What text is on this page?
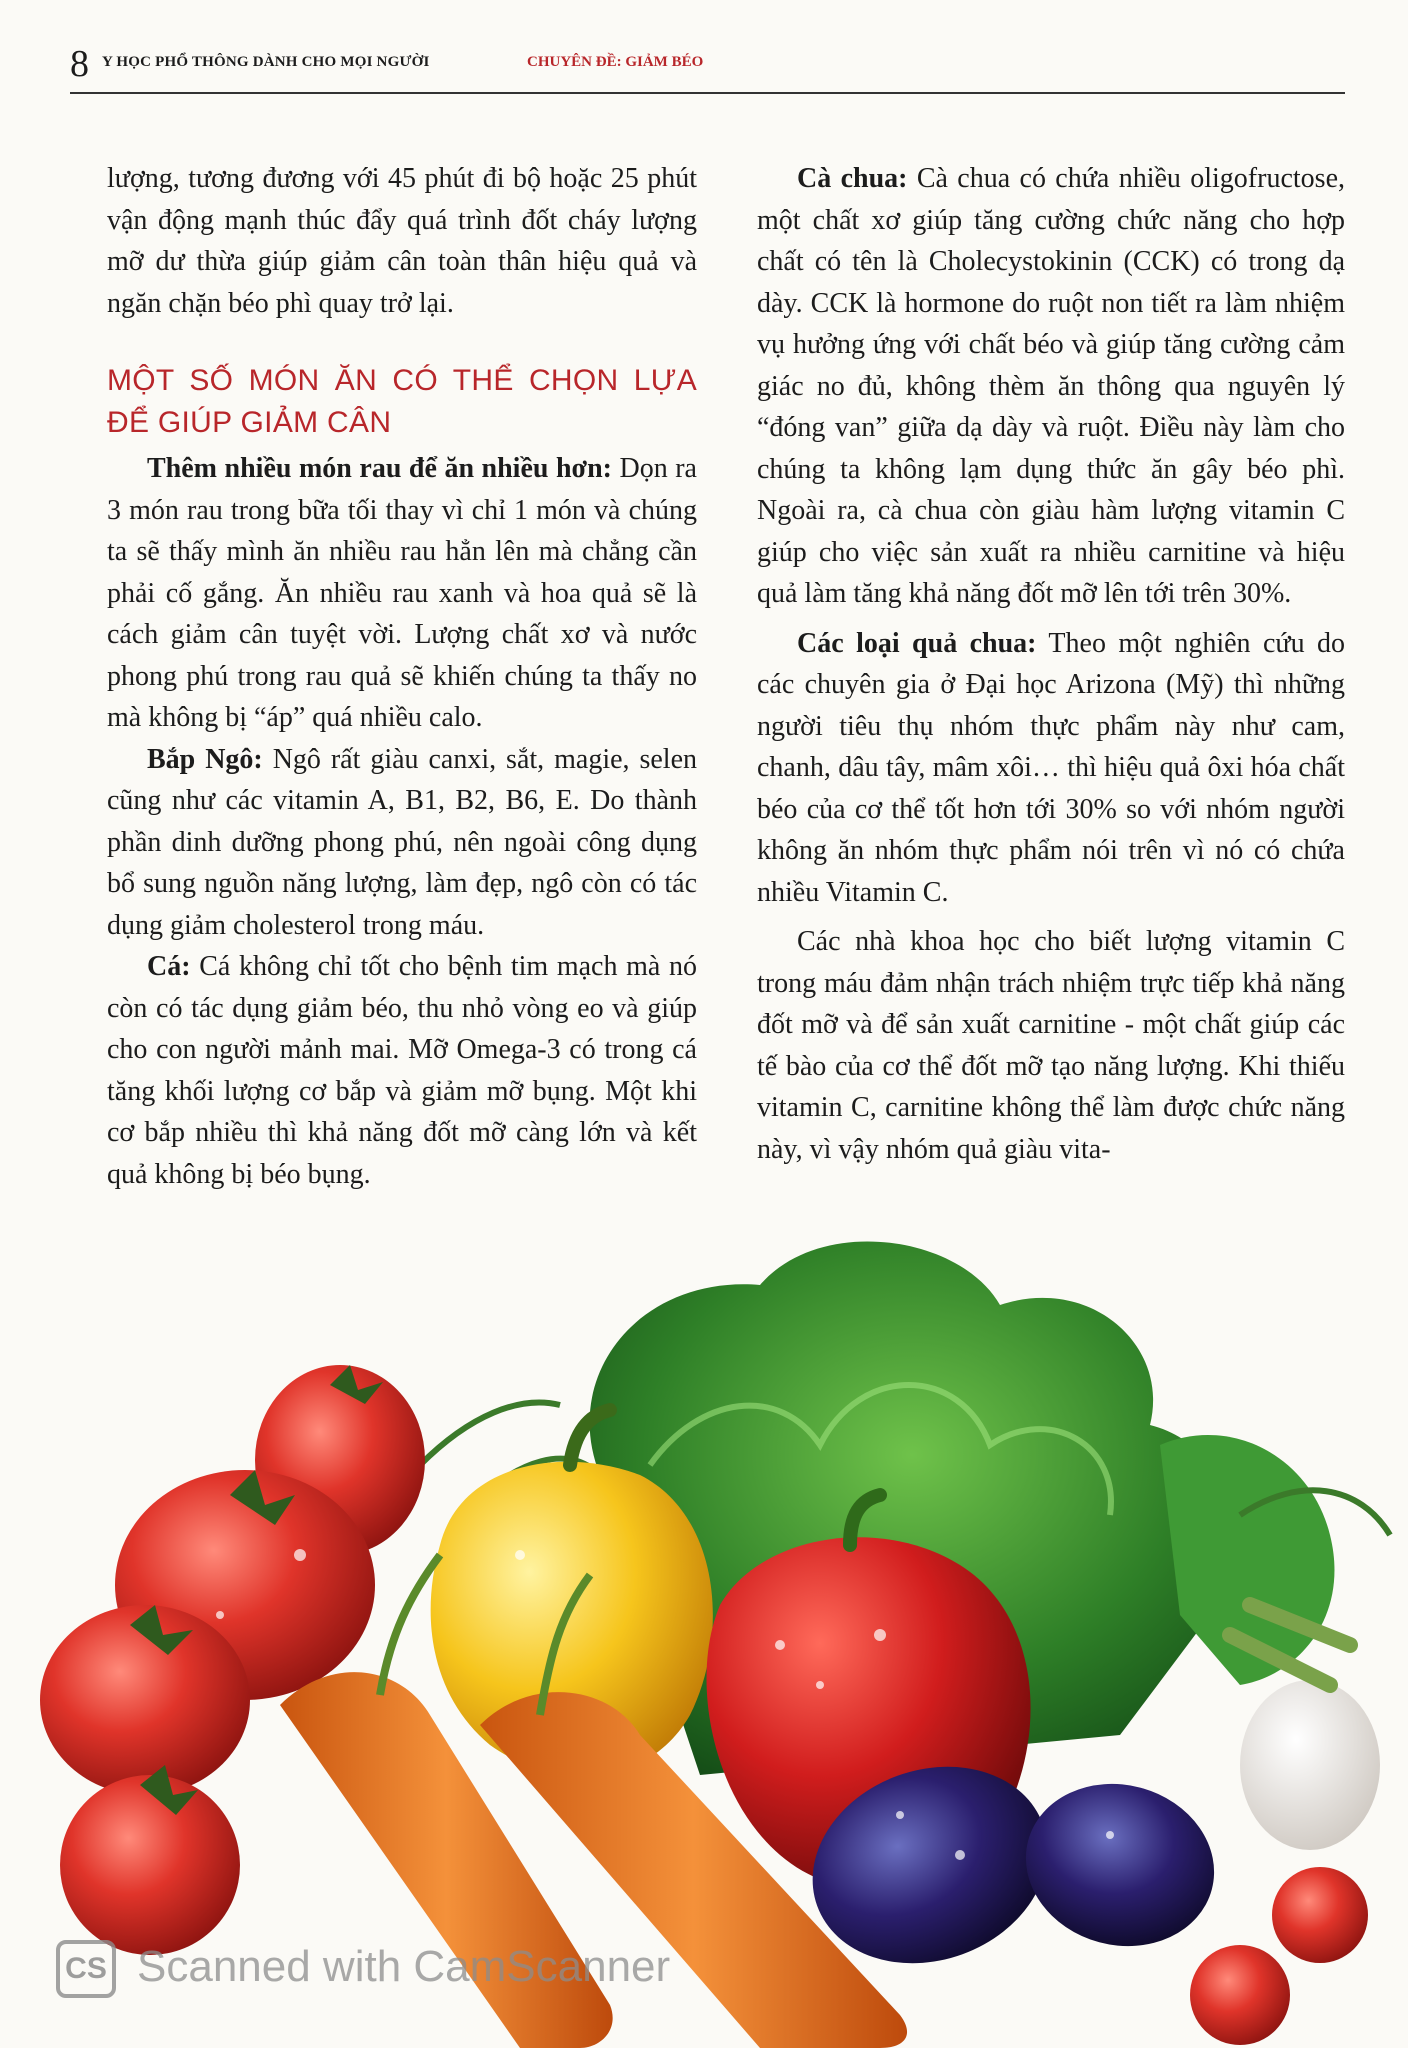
8 Y HỌC PHỔ THÔNG DÀNH CHO MỌI NGƯỜI	CHUYÊN ĐỀ: GIẢM BÉO

lượng, tương đương với 45 phút đi bộ hoặc 25 phút vận động mạnh thúc đẩy quá trình đốt cháy lượng mỡ dư thừa giúp giảm cân toàn thân hiệu quả và ngăn chặn béo phì quay trở lại.

MỘT SỐ MÓN ĂN CÓ THỂ CHỌN LỰA ĐỂ GIÚP GIẢM CÂN

Thêm nhiều món rau để ăn nhiều hơn: Dọn ra 3 món rau trong bữa tối thay vì chỉ 1 món và chúng ta sẽ thấy mình ăn nhiều rau hẳn lên mà chẳng cần phải cố gắng. Ăn nhiều rau xanh và hoa quả sẽ là cách giảm cân tuyệt vời. Lượng chất xơ và nước phong phú trong rau quả sẽ khiến chúng ta thấy no mà không bị “áp” quá nhiều calo.

Bắp Ngô: Ngô rất giàu canxi, sắt, magie, selen cũng như các vitamin A, B1, B2, B6, E. Do thành phần dinh dưỡng phong phú, nên ngoài công dụng bổ sung nguồn năng lượng, làm đẹp, ngô còn có tác dụng giảm cholesterol trong máu.

Cá: Cá không chỉ tốt cho bệnh tim mạch mà nó còn có tác dụng giảm béo, thu nhỏ vòng eo và giúp cho con người mảnh mai. Mỡ Omega-3 có trong cá tăng khối lượng cơ bắp và giảm mỡ bụng. Một khi cơ bắp nhiều thì khả năng đốt mỡ càng lớn và kết quả không bị béo bụng.

Cà chua: Cà chua có chứa nhiều oligofructose, một chất xơ giúp tăng cường chức năng cho hợp chất có tên là Cholecystokinin (CCK) có trong dạ dày. CCK là hormone do ruột non tiết ra làm nhiệm vụ hưởng ứng với chất béo và giúp tăng cường cảm giác no đủ, không thèm ăn thông qua nguyên lý “đóng van” giữa dạ dày và ruột. Điều này làm cho chúng ta không lạm dụng thức ăn gây béo phì. Ngoài ra, cà chua còn giàu hàm lượng vitamin C giúp cho việc sản xuất ra nhiều carnitine và hiệu quả làm tăng khả năng đốt mỡ lên tới trên 30%.

Các loại quả chua: Theo một nghiên cứu do các chuyên gia ở Đại học Arizona (Mỹ) thì những người tiêu thụ nhóm thực phẩm này như cam, chanh, dâu tây, mâm xôi… thì hiệu quả ôxi hóa chất béo của cơ thể tốt hơn tới 30% so với nhóm người không ăn nhóm thực phẩm nói trên vì nó có chứa nhiều Vitamin C.

Các nhà khoa học cho biết lượng vitamin C trong máu đảm nhận trách nhiệm trực tiếp khả năng đốt mỡ và để sản xuất carnitine - một chất giúp các tế bào của cơ thể đốt mỡ tạo năng lượng. Khi thiếu vitamin C, carnitine không thể làm được chức năng này, vì vậy nhóm quả giàu vita-

CS Scanned with CamScanner
